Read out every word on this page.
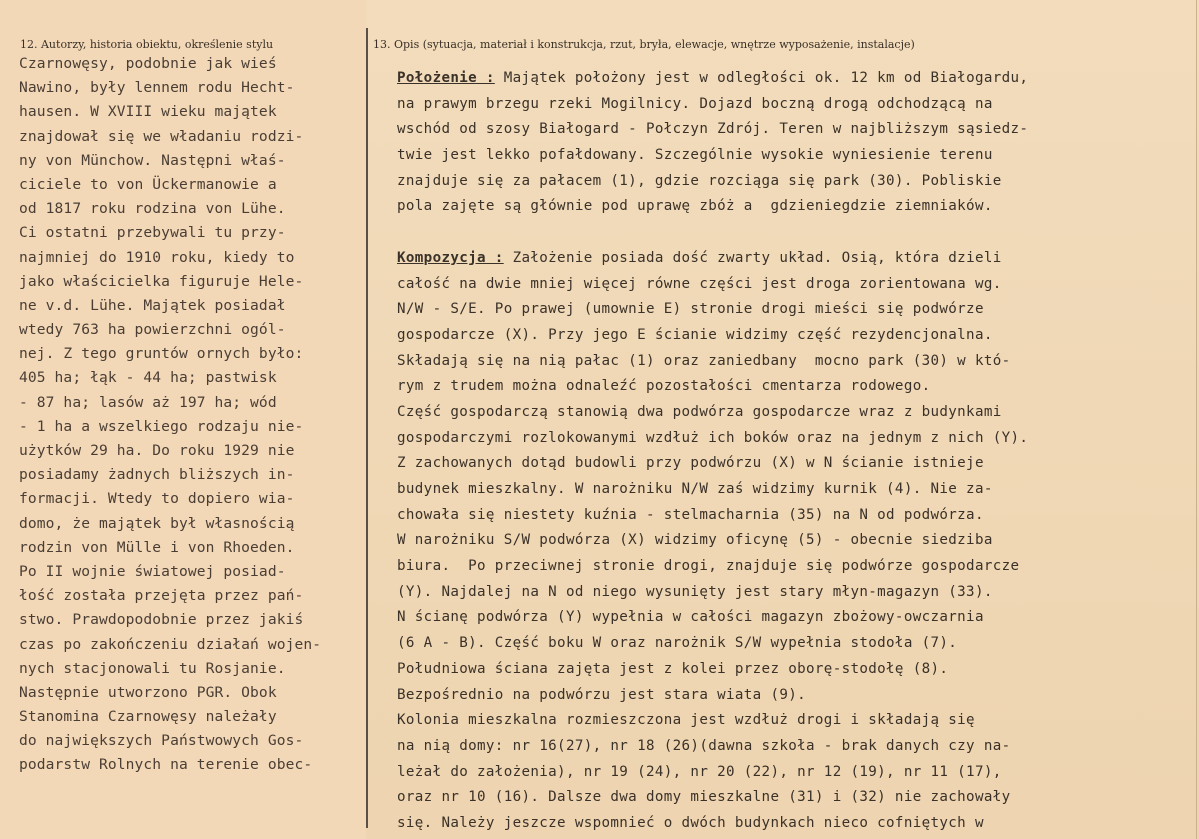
12. Autorzy, historia obiektu, określenie stylu	13. Opis (sytuacja, materiał i konstrukcja, rzut, bryła, elewacje, wnętrze wyposażenie, instalacje)
Czarnowęsy, podobnie jak wieś
Nawino, były lennem rodu Hecht-
hausen. W XVIII wieku majątek
znajdował się we władaniu rodzi-
ny von Münchow. Następni właś-
ciciele to von Ückermanowie a
od 1817 roku rodzina von Lühe.
Ci ostatni przebywali tu przy-
najmniej do 1910 roku, kiedy to
jako właścicielka figuruje Hele-
ne v.d. Lühe. Majątek posiadał
wtedy 763 ha powierzchni ogól-
nej. Z tego gruntów ornych było:
405 ha; łąk - 44 ha; pastwisk
- 87 ha; lasów aż 197 ha; wód
- 1 ha a wszelkiego rodzaju nie-
użytków 29 ha. Do roku 1929 nie
posiadamy żadnych bliższych in-
formacji. Wtedy to dopiero wia-
domo, że majątek był własnością
rodzin von Mülle i von Rhoeden.
Po II wojnie światowej posiad-
łość została przejęta przez pań-
stwo. Prawdopodobnie przez jakiś
czas po zakończeniu działań wojen-
nych stacjonowali tu Rosjanie.
Następnie utworzono PGR. Obok
Stanomina Czarnowęsy należały
do największych Państwowych Gos-
podarstw Rolnych na terenie obec-
Położenie : Majątek położony jest w odległości ok. 12 km od Białogardu,
na prawym brzegu rzeki Mogilnicy. Dojazd boczną drogą odchodzącą na
wschód od szosy Białogard - Połczyn Zdrój. Teren w najbliższym sąsiedz-
twie jest lekko pofałdowany. Szczególnie wysokie wyniesienie terenu
znajduje się za pałacem (1), gdzie rozciąga się park (30). Pobliskie
pola zajęte są głównie pod uprawę zbóż a  gdzieniegdzie ziemniaków.
Kompozycja : Założenie posiada dość zwarty układ. Osią, która dzieli
całość na dwie mniej więcej równe części jest droga zorientowana wg.
N/W - S/E. Po prawej (umownie E) stronie drogi mieści się podwórze
gospodarcze (X). Przy jego E ścianie widzimy część rezydencjonalna.
Składają się na nią pałac (1) oraz zaniedbany  mocno park (30) w któ-
rym z trudem można odnaleźć pozostałości cmentarza rodowego.
Część gospodarczą stanowią dwa podwórza gospodarcze wraz z budynkami
gospodarczymi rozlokowanymi wzdłuż ich boków oraz na jednym z nich (Y).
Z zachowanych dotąd budowli przy podwórzu (X) w N ścianie istnieje
budynek mieszkalny. W narożniku N/W zaś widzimy kurnik (4). Nie za-
chowała się niestety kuźnia - stelmacharnia (35) na N od podwórza.
W narożniku S/W podwórza (X) widzimy oficynę (5) - obecnie siedziba
biura.  Po przeciwnej stronie drogi, znajduje się podwórze gospodarcze
(Y). Najdalej na N od niego wysunięty jest stary młyn-magazyn (33).
N ścianę podwórza (Y) wypełnia w całości magazyn zbożowy-owczarnia
(6 A - B). Część boku W oraz narożnik S/W wypełnia stodoła (7).
Południowa ściana zajęta jest z kolei przez oborę-stodołę (8).
Bezpośrednio na podwórzu jest stara wiata (9).
Kolonia mieszkalna rozmieszczona jest wzdłuż drogi i składają się
na nią domy: nr 16(27), nr 18 (26)(dawna szkoła - brak danych czy na-
leżał do założenia), nr 19 (24), nr 20 (22), nr 12 (19), nr 11 (17),
oraz nr 10 (16). Dalsze dwa domy mieszkalne (31) i (32) nie zachowały
się. Należy jeszcze wspomnieć o dwóch budynkach nieco cofniętych w
